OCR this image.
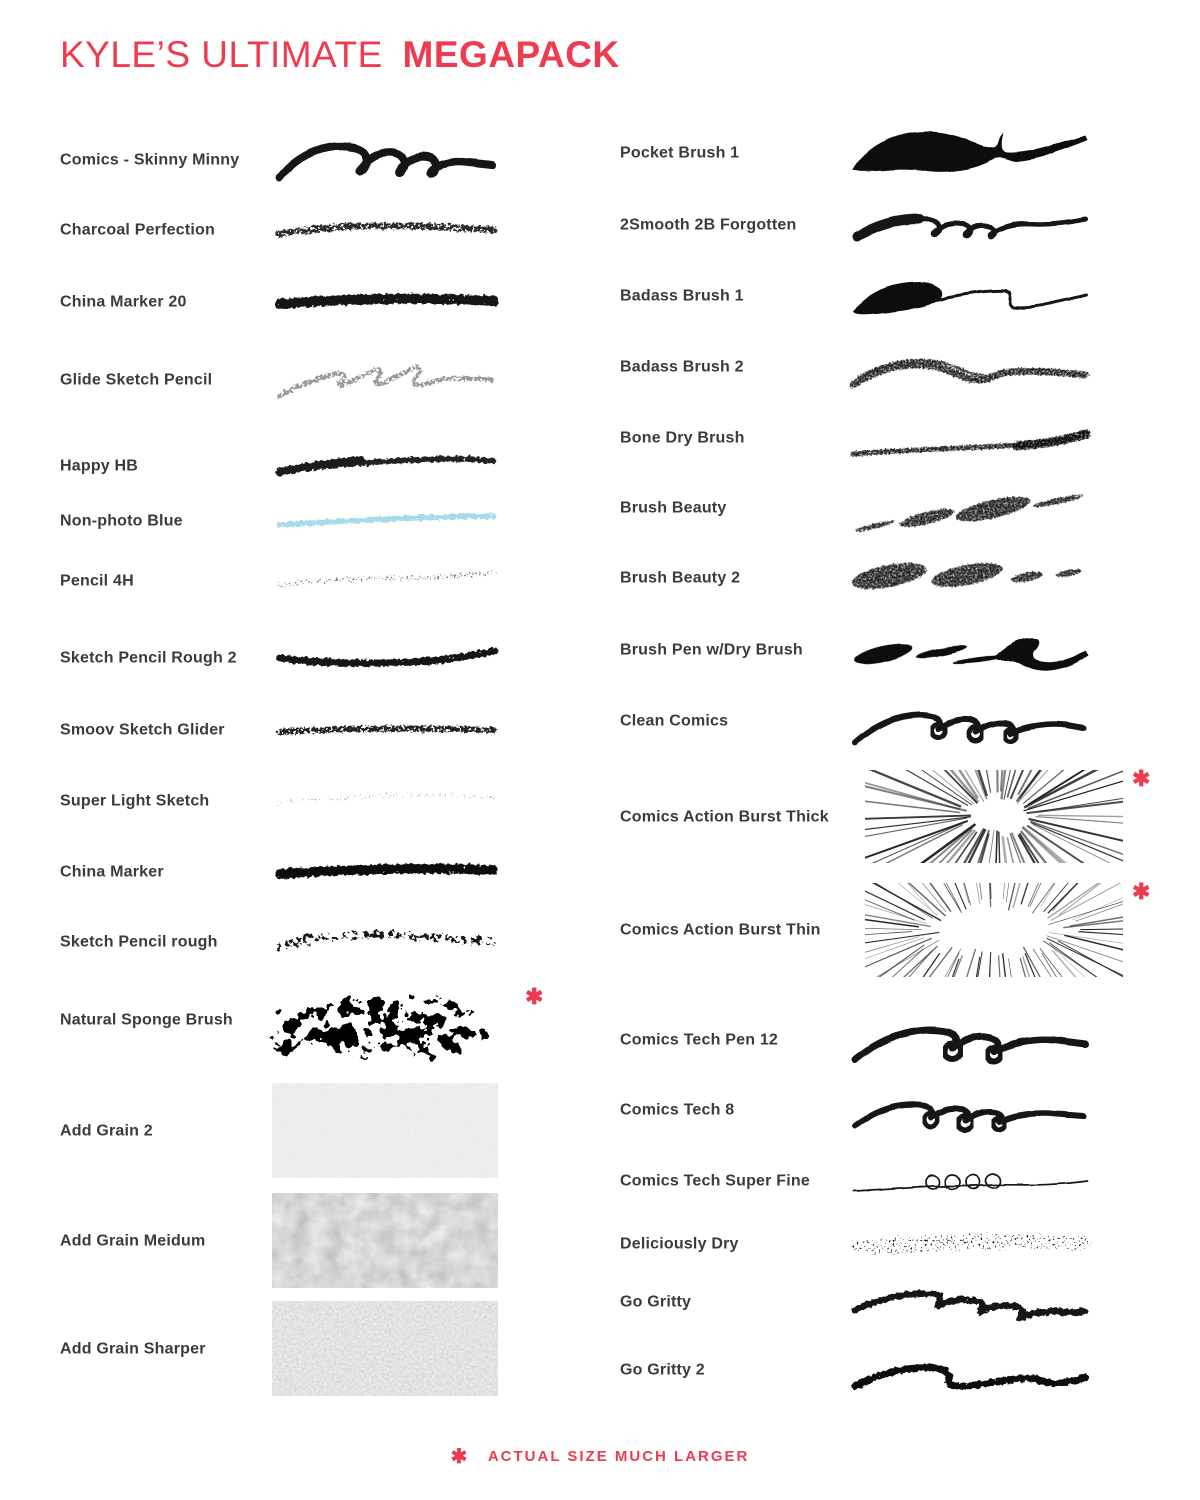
KYLE’S ULTIMATE MEGAPACK
Comics - Skinny Minny
Charcoal Perfection
China Marker 20
Glide Sketch Pencil
Happy HB
Non-photo Blue
Pencil 4H
Sketch Pencil Rough 2
Smoov Sketch Glider
Super Light Sketch
China Marker
Sketch Pencil rough
Natural Sponge Brush
✱
Add Grain 2
Add Grain Meidum
Add Grain Sharper
Pocket Brush 1
2Smooth 2B Forgotten
Badass Brush 1
Badass Brush 2
Bone Dry Brush
Brush Beauty
Brush Beauty 2
Brush Pen w/Dry Brush
Clean Comics
Comics Action Burst Thick
✱
Comics Action Burst Thin
✱
Comics Tech Pen 12
Comics Tech 8
Comics Tech Super Fine
Deliciously Dry
Go Gritty
Go Gritty 2
✱ ACTUAL SIZE MUCH LARGER
